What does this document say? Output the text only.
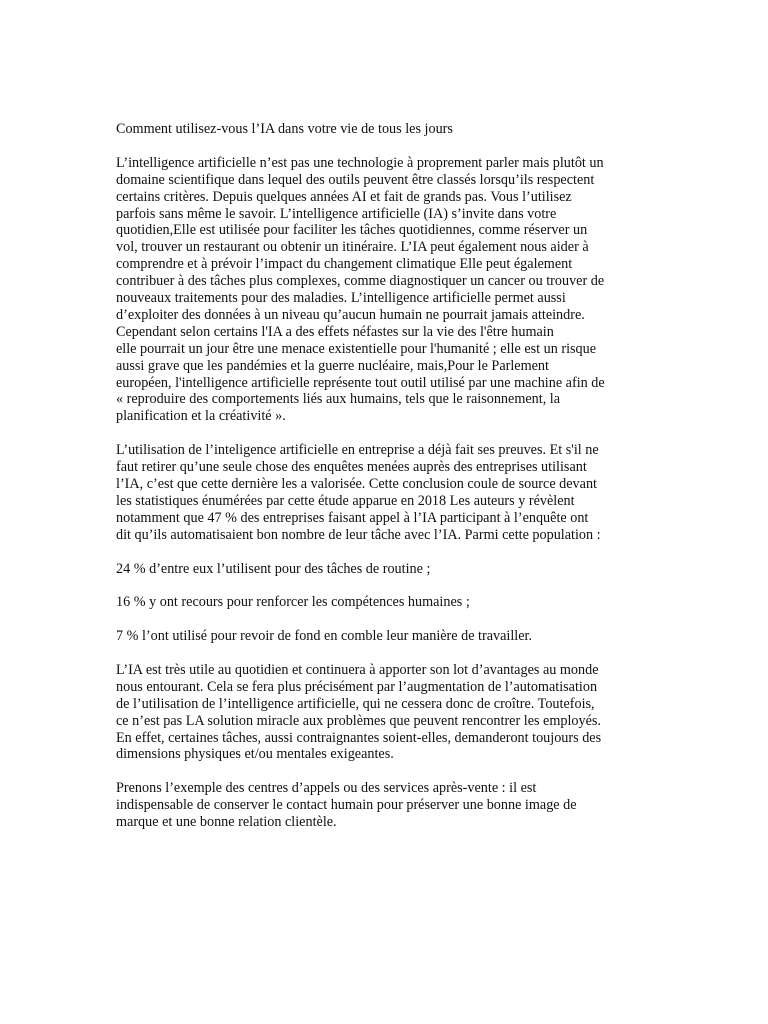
Comment utilisez-vous l’IA dans votre vie de tous les jours

L’intelligence artificielle n’est pas une technologie à proprement parler mais plutôt un
domaine scientifique dans lequel des outils peuvent être classés lorsqu’ils respectent
certains critères. Depuis quelques années AI et fait de grands pas. Vous l’utilisez
parfois sans même le savoir. L’intelligence artificielle (IA) s’invite dans votre
quotidien,Elle est utilisée pour faciliter les tâches quotidiennes, comme réserver un
vol, trouver un restaurant ou obtenir un itinéraire. L’IA peut également nous aider à
comprendre et à prévoir l’impact du changement climatique Elle peut également
contribuer à des tâches plus complexes, comme diagnostiquer un cancer ou trouver de
nouveaux traitements pour des maladies. L’intelligence artificielle permet aussi
d’exploiter des données à un niveau qu’aucun humain ne pourrait jamais atteindre.
Cependant selon certains l'IA a des effets néfastes sur la vie des l'être humain
elle pourrait un jour être une menace existentielle pour l'humanité ; elle est un risque
aussi grave que les pandémies et la guerre nucléaire, mais,Pour le Parlement
européen, l'intelligence artificielle représente tout outil utilisé par une machine afin de
« reproduire des comportements liés aux humains, tels que le raisonnement, la
planification et la créativité ».

L’utilisation de l’inteligence artificielle en entreprise a déjà fait ses preuves. Et s'il ne
faut retirer qu’une seule chose des enquêtes menées auprès des entreprises utilisant
l’IA, c’est que cette dernière les a valorisée. Cette conclusion coule de source devant
les statistiques énumérées par cette étude apparue en 2018 Les auteurs y révèlent
notamment que 47 % des entreprises faisant appel à l’IA participant à l’enquête ont
dit qu’ils automatisaient bon nombre de leur tâche avec l’IA. Parmi cette population :

24 % d’entre eux l’utilisent pour des tâches de routine ;

16 % y ont recours pour renforcer les compétences humaines ;

7 % l’ont utilisé pour revoir de fond en comble leur manière de travailler.

L’IA est très utile au quotidien et continuera à apporter son lot d’avantages au monde
nous entourant. Cela se fera plus précisément par l’augmentation de l’automatisation
de l’utilisation de l’intelligence artificielle, qui ne cessera donc de croître. Toutefois,
ce n’est pas LA solution miracle aux problèmes que peuvent rencontrer les employés.
En effet, certaines tâches, aussi contraignantes soient-elles, demanderont toujours des
dimensions physiques et/ou mentales exigeantes.

Prenons l’exemple des centres d’appels ou des services après-vente : il est
indispensable de conserver le contact humain pour préserver une bonne image de
marque et une bonne relation clientèle.
